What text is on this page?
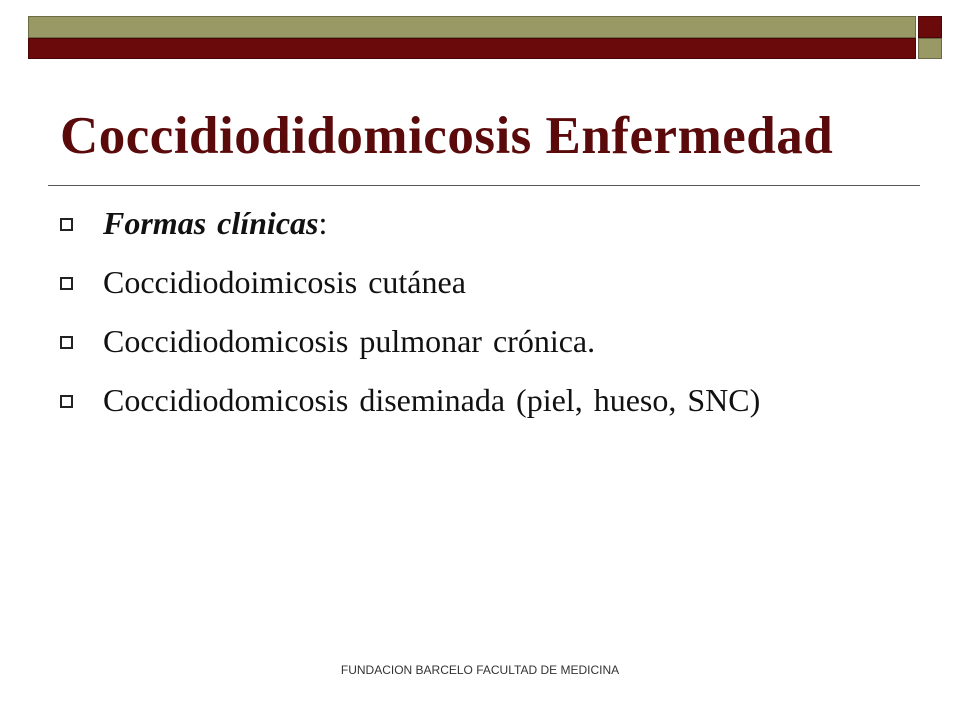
Coccidiodidomicosis Enfermedad
Formas clínicas:
Coccidiodoimicosis cutánea
Coccidiodomicosis pulmonar crónica.
Coccidiodomicosis diseminada (piel, hueso, SNC)
FUNDACION BARCELO FACULTAD DE MEDICINA
